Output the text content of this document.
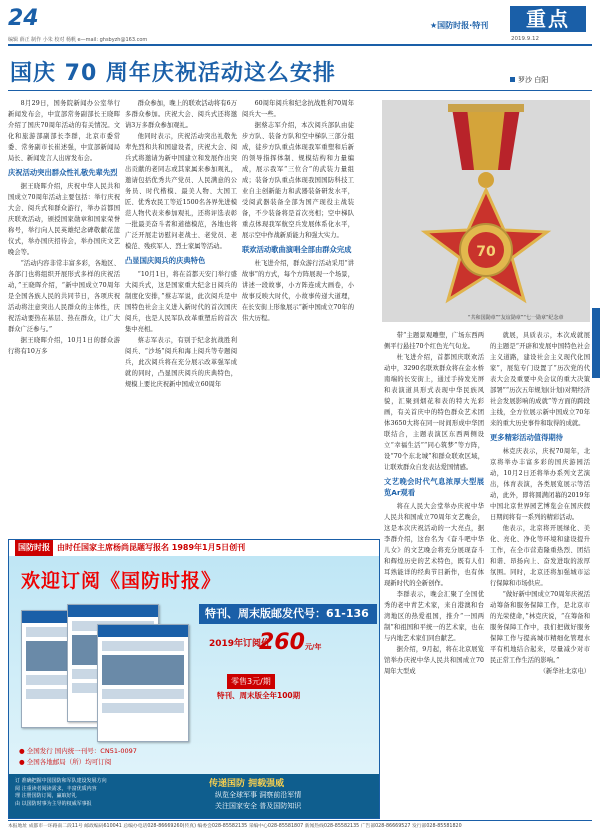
24
编辑 薛正 制作 小朱 校对 杨帆 e—mail: ghsbyzh@163.com
★国防时报·特刊	重点
2019.9.12
国庆 70 周年庆祝活动这么安排	罗沙 白阳

8月29日，国务院新闻办公室举行新闻发布会，中宣部常务副部长王晓晖介绍了国庆70周年活动的有关情况。文化和旅游部副部长李群，北京市委常委、常务副市长崔述强，中宣部新闻局局长、新闻发言人出席发布会。

庆祝活动突出群众性礼敬先辈先烈

据王晓晖介绍，庆祝中华人民共和国成立70周年活动主要包括：举行庆祝大会、阅兵式和群众游行，举办首都国庆联欢活动，颁授国家勋章和国家荣誉称号，举行向人民英雄纪念碑敬献花篮仪式，举办国庆招待会，举办国庆文艺晚会等。

“活动内容非常丰富多彩，各地区、各部门也将组织开展形式多样的庆祝活动，”王晓晖介绍，“新中国成立70周年是全国各族人民的共同节日，各项庆祝活动将注意突出人民群众的主体性，庆祝活动要热在基层、热在群众，让广大群众广泛参与。”

据王晓晖介绍，10月1日的群众游行将有10万多

群众参加，晚上的联欢活动将有6万多群众参加。庆祝大会、阅兵式还将邀请3万多群众参加观礼。

他同时表示，庆祝活动突出礼敬先辈先烈和共和国建设者，庆祝大会、阅兵式将邀请为新中国建立和发展作出突出贡献的老同志或其家属来参加观礼，邀请包括优秀共产党员、人民满意的公务员、时代楷模、最美人物、大国工匠、优秀农民工等近1500名各界先进模范人物代表来参加观礼，还将评选表彰一批最美奋斗者和道德模范，各地也将广泛开展走访慰问老战士、老党员、老模范、残疾军人、烈士家属等活动。

凸显国庆阅兵的庆典特色

“10月1日，将在首都天安门举行盛大阅兵式，这是国家重大纪念日阅兵的制度化安排，”蔡志军说，此次阅兵是中国特色社会主义进入新时代的首次国庆阅兵，也是人民军队改革重塑后的首次集中亮相。

蔡志军表示，有别于纪念抗战胜利阅兵、“沙场”阅兵和海上阅兵等专题阅兵，此次阅兵将在充分展示改革强军成就的同时，凸显国庆阅兵的庆典特色，规模上要比庆祝新中国成立60周年

60周年阅兵和纪念抗战胜利70周年阅兵大一些。

据蔡志军介绍，本次阅兵部队由徒步方队、装备方队和空中梯队三部分组成，徒步方队重点体现我军重塑和后新的领导指挥体制、规模结构和力量编成，展示我军“三位合”的武装力量组成；装备方队重点体现我国国防科技工业自主创新能力和武器装备研发水平，受阅武器装备全部为国产现役主战装备，不少装备将是首次亮相；空中梯队重点体现我军航空兵发展体系化水平，展示空中作战新质能力和强大实力。

联欢活动歌曲演唱全部由群众完成

杜飞进介绍，群众游行活动采用“讲故事”的方式，每个方阵展现一个场景，讲述一段故事，小方阵连成大画卷，小故事反映大时代，小故事传递大道理，在长安街上形象展示“新中国成立70年的伟大历程。

70
“共和国勋章”“友谊勋章”“七一勋章”纪念章

带“主题景观雕塑，广场东西两侧平行悬挂70个红色光气旬龙。

杜飞进介绍，首都国庆联欢活动中，3290名联欢群众将在金水桥南端的长安街上，通过手持发光屏和表演道具形式表现中华民族风貌，汇聚到烟花和表的特大光彩画，有关首庆中的特色群众艺术团体3650大将在同一时间形成中华团联结合，主题表演区东西两侧设立“幸福生活”“同心筑梦”等方阵，设“70个东北城”和群众联欢区域，让联欢群众自发表达爱国情感。

文艺晚会时代气息浓厚大型展览Ar观看

将在人民大会堂举办庆祝中华人民共和国成立70周年文艺晚会，这是本次庆祝活动的一大亮点，据李群介绍，这台名为《奋斗吧中华儿女》的文艺晚会将充分展现奋斗和辉煌历史的艺术特色，既有人们耳熟能详的经典节目新作，也有体现新时代的全新创作。

李群表示，晚会汇聚了全国优秀的老中青艺术家，来自港澳和台湾地区的热爱祖国，推介“一国两制”和祖国和平统一的艺术家，也在与内地艺术家们同台献艺。

据介绍，9月起，将在北京展览馆举办庆祝中华人民共和国成立70周年大型成

就展，具质表示，本次成就展的主题是“开辟和发展中国特色社会主义道路，建设社会主义现代化国家”，展览专门设置了“历次党的代表大会及重要中央会议的重大决策部署”“历次五年规划(计划)对期经济社会发展影响的成就”等方面的跨段主线，全方位展示新中国成立70年来的重大历史事件和取得的成就。

更多精彩活动值得期待

林克庆表示，庆祝70周年，北京将举办丰富多彩的国庆游园活动，10月2日还将举办系列文艺演出，体育表演，各类展览展示等活动，此外，即将圆满闭幕的2019年中国北京世界园艺博览会在国庆假日期间将有一系列的精彩活动。

他表示，北京将开展绿化、美化、亮化、净化等环境和建设提升工作，在全市营造隆重热烈、团结和谐、昂扬向上、奋发进取的浓厚氛围。同时，北京还将加强城市运行保障和市场供应。

“做好新中国成立70周年庆祝活动筹备和服务保障工作，是北京市的光荣使命，”林克庆说，“在筹备和服务保障工作中，我们把做好服务保障工作与提高城市精细化管理水平有机地结合起来，尽量减少对市民正常工作生活的影响。”

（新华社北京电）
国防时报 由时任国家主席杨尚昆题写报名 1989年1月5日创刊
欢迎订阅《国防时报》
特刊、周末版邮发代号：61-136
2019年订阅价
260元/年
零售3元/期
特刊、周末版全年100期
● 全国发行 国内统一刊号：CN51-0097
● 全国各地邮局（所）均可订阅
订 准确把握中国国防和军队建设发展方向
阅 注重读者阅读需求，丰富优质内容
理 注册国防订阅，赢取好礼
由 以国防时事为主导的权威军事报
传递国防 拥载强威
纵览全球军事 洞察前沿军情
关注国家安全 普及国防知识
本报地址 成都市一环路南二段11号 邮政编码610041 总编办电话028-86669260(传真) 编委会028-85582135 采编中心028-85581807 新闻热线028-85582135 广告部028-86669527 发行部028-85581820
